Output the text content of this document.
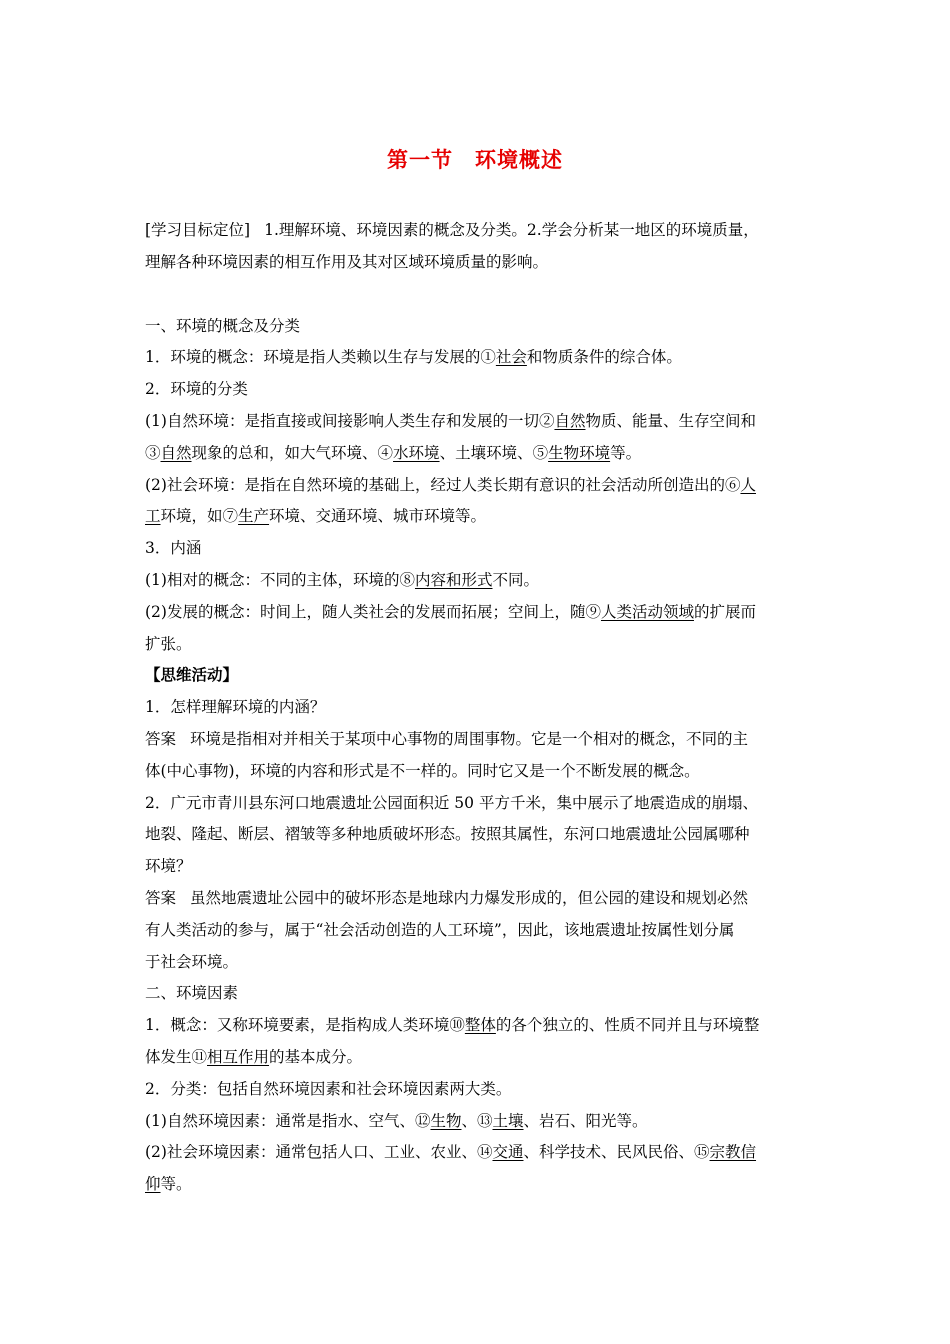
第一节　环境概述
[学习目标定位] 1.理解环境、环境因素的概念及分类。2.学会分析某一地区的环境质量，
理解各种环境因素的相互作用及其对区域环境质量的影响。
一、环境的概念及分类
1．环境的概念：环境是指人类赖以生存与发展的①社会和物质条件的综合体。
2．环境的分类
(1)自然环境：是指直接或间接影响人类生存和发展的一切②自然物质、能量、生存空间和
③自然现象的总和，如大气环境、④水环境、土壤环境、⑤生物环境等。
(2)社会环境：是指在自然环境的基础上，经过人类长期有意识的社会活动所创造出的⑥人
工环境，如⑦生产环境、交通环境、城市环境等。
3．内涵
(1)相对的概念：不同的主体，环境的⑧内容和形式不同。
(2)发展的概念：时间上，随人类社会的发展而拓展；空间上，随⑨人类活动领域的扩展而
扩张。
【思维活动】
1．怎样理解环境的内涵？
答案 环境是指相对并相关于某项中心事物的周围事物。它是一个相对的概念，不同的主
体(中心事物)，环境的内容和形式是不一样的。同时它又是一个不断发展的概念。
2．广元市青川县东河口地震遗址公园面积近 50 平方千米，集中展示了地震造成的崩塌、
地裂、隆起、断层、褶皱等多种地质破坏形态。按照其属性，东河口地震遗址公园属哪种
环境？
答案 虽然地震遗址公园中的破坏形态是地球内力爆发形成的，但公园的建设和规划必然
有人类活动的参与，属于“社会活动创造的人工环境”，因此，该地震遗址按属性划分属
于社会环境。
二、环境因素
1．概念：又称环境要素，是指构成人类环境⑩整体的各个独立的、性质不同并且与环境整
体发生⑪相互作用的基本成分。
2．分类：包括自然环境因素和社会环境因素两大类。
(1)自然环境因素：通常是指水、空气、⑫生物、⑬土壤、岩石、阳光等。
(2)社会环境因素：通常包括人口、工业、农业、⑭交通、科学技术、民风民俗、⑮宗教信
仰等。
